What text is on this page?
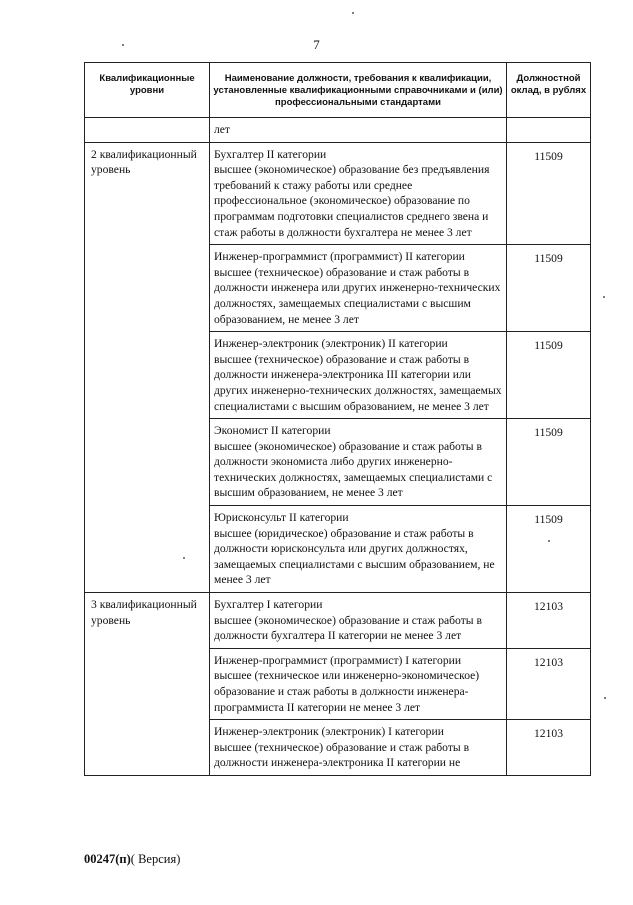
7
Квалификационные уровни	Наименование должности, требования к квалификации, установленные квалификационными справочниками и (или) профессиональными стандартами	Должностной оклад, в рублях
	лет	
2 квалификационный уровень	Бухгалтер II категории
высшее (экономическое) образование без предъявления требований к стажу работы или среднее профессиональное (экономическое) образование по программам подготовки специалистов среднего звена и стаж работы в должности бухгалтера не менее 3 лет	11509

	Инженер-программист (программист) II категории
высшее (техническое) образование и стаж работы в должности инженера или других инженерно-технических должностях, замещаемых специалистами с высшим образованием, не менее 3 лет	11509

	Инженер-электроник (электроник) II категории
высшее (техническое) образование и стаж работы в должности инженера-электроника III категории или других инженерно-технических должностях, замещаемых специалистами с высшим образованием, не менее 3 лет	11509

	Экономист II категории
высшее (экономическое) образование и стаж работы в должности экономиста либо других инженерно-технических должностях, замещаемых специалистами с высшим образованием, не менее 3 лет	11509

	Юрисконсульт II категории
высшее (юридическое) образование и стаж работы в должности юрисконсульта или других должностях, замещаемых специалистами с высшим образованием, не менее 3 лет	11509
3 квалификационный уровень	Бухгалтер I категории
высшее (экономическое) образование и стаж работы в должности бухгалтера II категории не менее 3 лет	12103

	Инженер-программист (программист) I категории
высшее (техническое или инженерно-экономическое) образование и стаж работы в должности инженера-программиста II категории не менее 3 лет	12103

	Инженер-электроник (электроник) I категории
высшее (техническое) образование и стаж работы в должности инженера-электроника II категории не	12103
00247(п)( Версия)
